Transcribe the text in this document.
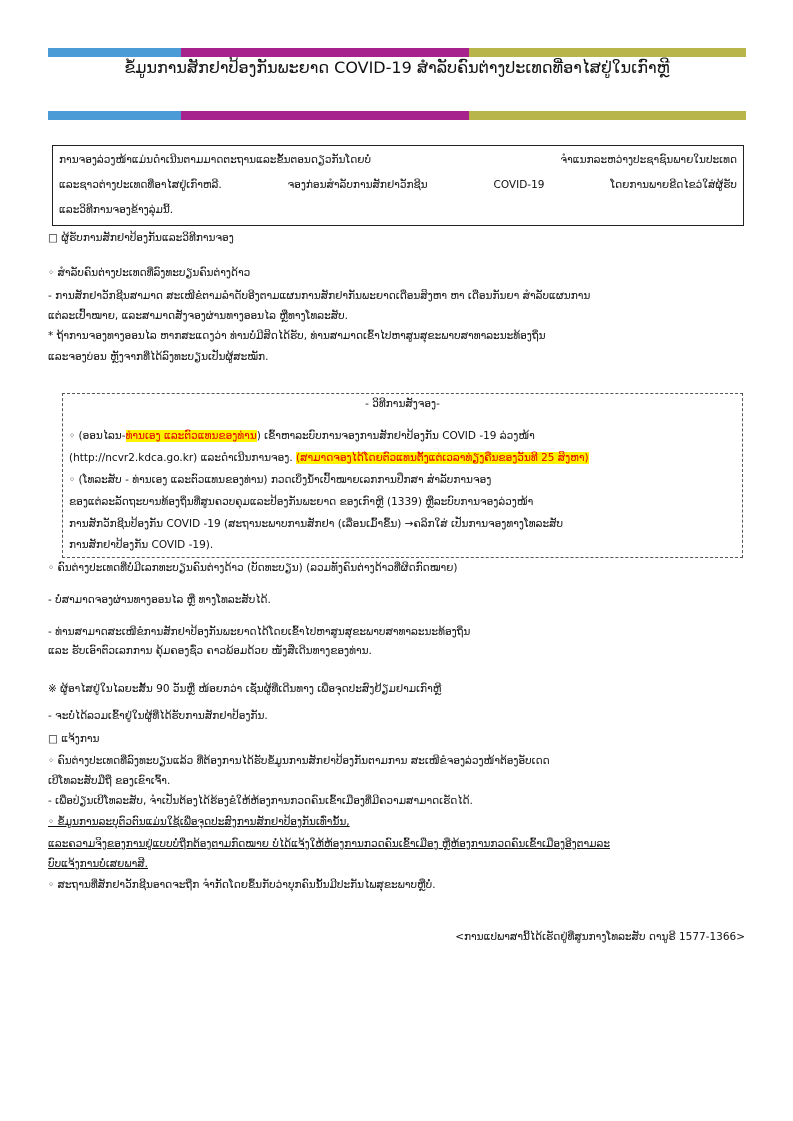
ຂໍ້ມູນການສັກຢາປ້ອງກັນພະຍາດ COVID-19 ສໍາລັບຄົນຕ່າງປະເທດທີ່ອາໄສຢູ່ໃນເກົາຫຼີ
ການຈອງລ່ວງໜ້າແມ່ນດໍາເນີນຕາມມາດຕະຖານແລະຂັ້ນຕອນດຽວກັນໂດຍບໍ່	ຈໍາແນກລະຫວ່າງປະຊາຊົນພາຍໃນປະເທດ
ແລະຊາວຕ່າງປະເທດທີ່ອາໄສຢູ່ເກົາຫລີ.	ຈອງກ່ອນສໍາລັບການສັກຢາວັກຊີນ	COVID-19	ໂດຍການພາຍຂີດໄຂວ່ໃສ່ຜູ້ຮັບ
ແລະວິທີການຈອງຂ້າງລຸ່ມນີ້.
□ ຜູ້ຮັບການສັກຢາປ້ອງກັນແລະວິທີການຈອງ
◦ ສໍາລັບຄົນຕ່າງປະເທດທີ່ລົງທະບຽນຄົນຕ່າງດ້າວ
- ການສັກຢາວັກຊີນສາມາດ ສະເໜີຂໍຕາມລໍາດັບອີງຕາມແຜນການສັກຢາກັນພະຍາດເດືອນສິງຫາ ຫາ ເດືອນກັນຍາ ສໍາລັບແຜນການ
ແຕ່ລະເປົ້າໝາຍ, ແລະສາມາດສັງຈອງຜ່ານທາງອອນໄລ ຫຼືທາງໂທລະສັບ.
* ຖ້າການຈອງທາງອອນໄລ ຫາກສະແດງວ່າ ທ່ານບໍ່ມີສິດໄດ້ຮັບ, ທ່ານສາມາດເຂົ້າໄປຫາສູນສຸຂະພາບສາທາລະນະທ້ອງຖິ່ນ
ແລະຈອງບ່ອນ ຫຼັງຈາກທີ່ໄດ້ລົງທະບຽນເປັນຜູ້ສະໝັກ.
- ວິທີການສັງຈອງ-
◦ (ອອນໄລນ- ທ່ານເອງ ແລະຕົວແທນຂອງທ່ານ ) ເຂົ້າຫາລະບົບການຈອງການສັກຢາປ້ອງກັນ COVID -19 ລ່ວງໜ້າ
(http://ncvr2.kdca.go.kr) ແລະດໍາເນີນການຈອງ. (ສາມາດຈອງໄດ້ໂດຍຕົວແທນຕັ້ງແຕ່ເວລາທ່ຽງຄືນຂອງວັນທີ 25 ສິງຫາ)
◦ (ໂທລະສັບ - ທ່ານເອງ ແລະຕົວແທນຂອງທ່ານ) ກວດເບິ່ງນໍ້າເປົ້າໝາຍເລກການປຶກສາ ສໍາລັບການຈອງ
ຂອງແຕ່ລະລັດຖະບານທ້ອງຖິ່ນທີ່ສູນຄວບຄຸມແລະປ້ອງກັນພະຍາດ ຂອງເກົາຫຼີ (1339) ຫຼືລະບົບການຈອງລ່ວງໜ້າ
ການສັກວັກຊີນປ້ອງກັນ COVID -19 (ສະຖານະພາບການສັກຢາ (ເລື່ອນເມົ້າຂຶ້ນ) →ຄລິກໃສ່ ເປັນການຈອງທາງໂທລະສັບ
ການສັກຢາປ້ອງກັນ COVID -19).
◦ ຄົນຕ່າງປະເທດທີ່ບໍ່ມີເລກທະບຽນຄົນຕ່າງດ້າວ (ບັດທະບຽນ) (ລວມທັງຄົນຕ່າງດ້າວທີ່ຜິດກົດໝາຍ)
- ບໍ່ສາມາດຈອງຜ່ານທາງອອນໄລ ຫຼື ທາງໂທລະສັບໄດ້.
- ທ່ານສາມາດສະເໜີຂໍການສັກຢາປ້ອງກັນພະຍາດໄດ້ໂດຍເຂົ້າໄປຫາສູນສຸຂະພາບສາທາລະນະທ້ອງຖິ່ນ
ແລະ ຮັບເອົາຕົວເລກການ ຄຸ້ມຄອງຊົ່ວ ຄາວພ້ອມດ້ວຍ ໜັງສືເດີນທາງຂອງທ່ານ.
※ ຜູ້ອາໄສຢູ່ໃນໄລຍະສັ້ນ 90 ວັນຫຼື ໜ້ອຍກວ່າ ເຊັ່ນຜູ້ທີ່ເດີນທາງ ເພື່ອຈຸດປະສົງຢ້ຽມຢາມເກົາຫຼີ
- ຈະບໍ່ໄດ້ລວມເຂົ້າຢູ່ໃນຜູ້ທີ່ໄດ້ຮັບການສັກຢາປ້ອງກັນ.
□ ແຈ້ງການ
◦ ຄົນຕ່າງປະເທດທີ່ລົງທະບຽນແລ້ວ ທີ່ຕ້ອງການໄດ້ຮັບຂໍ້ມູນການສັກຢາປ້ອງກັນຕາມການ ສະເໜີຂໍຈອງລ່ວງໜ້າຕ້ອງອັບເດດ
ເບີໂທລະສັບມືຖື ຂອງເຂົາເຈົ້າ.
- ເພື່ອປ່ຽນເບີໂທລະສັບ, ຈໍາເປັນຕ້ອງໄດ້ຮ້ອງຂໍໃຫ້ຫ້ອງການກວດຄົນເຂົ້າເມືອງທີ່ມີຄວາມສາມາດເຮັດໄດ້.
◦ ຂໍ້ມູນການລະບຸຕົວຕົນແມ່ນໃຊ້ເພື່ອຈຸດປະສົງການສັກຢາປ້ອງກັນເທົ່ານັ້ນ,
ແລະຄວາມຈິງຂອງການຢູ່ແບບບໍ່ຖືກຕ້ອງຕາມກົດໝາຍ ບໍ່ໄດ້ແຈ້ງໃຫ້ຫ້ອງການກວດຄົນເຂົ້າເມືອງ ຫຼືຫ້ອງການກວດຄົນເຂົ້າເມືອງອີງຕາມລະ
ບົບແຈ້ງການບໍ່ເສຍພາສີ.
◦ ສະຖານທີ່ສັກຢາວັກຊີນອາດຈະຖືກ ຈໍາກັດໂດຍຂຶ້ນກັບວ່າບຸກຄົນນັ້ນມີປະກັນໄພສຸຂະພາບຫຼືບໍ່.
<ການແປພາສານີ້ໄດ້ເຮັດຢູ່ທີ່ສູນກາງໂທລະສັບ ດານູຣີ 1577-1366>
